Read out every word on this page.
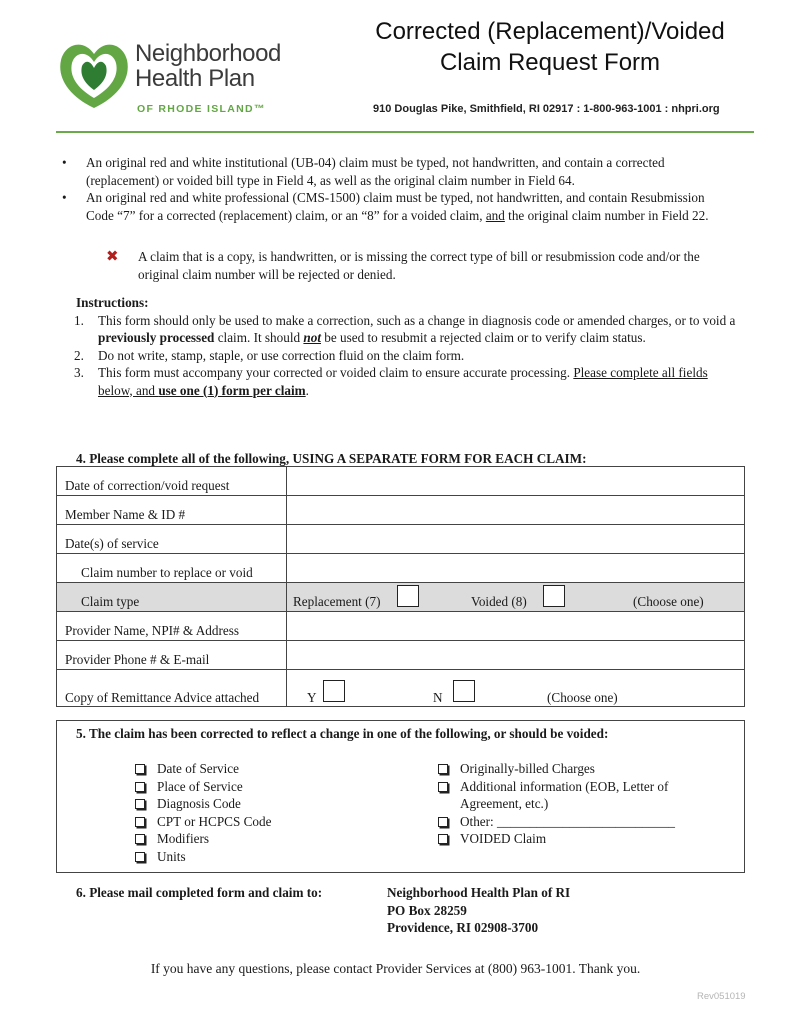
Neighborhood
Health Plan
OF RHODE ISLAND™
Corrected (Replacement)/Voided
Claim Request Form
910 Douglas Pike, Smithfield, RI 02917 : 1-800-963-1001 : nhpri.org
• An original red and white institutional (UB-04) claim must be typed, not handwritten, and contain a corrected (replacement) or voided bill type in Field 4, as well as the original claim number in Field 64.
• An original red and white professional (CMS-1500) claim must be typed, not handwritten, and contain Resubmission Code “7” for a corrected (replacement) claim, or an “8” for a voided claim, and the original claim number in Field 22.
✖ A claim that is a copy, is handwritten, or is missing the correct type of bill or resubmission code and/or the original claim number will be rejected or denied.
Instructions:
1. This form should only be used to make a correction, such as a change in diagnosis code or amended charges, or to void a previously processed claim. It should not be used to resubmit a rejected claim or to verify claim status.
2. Do not write, stamp, staple, or use correction fluid on the claim form.
3. This form must accompany your corrected or voided claim to ensure accurate processing. Please complete all fields below, and use one (1) form per claim.
4. Please complete all of the following, USING A SEPARATE FORM FOR EACH CLAIM:
Date of correction/void request
Member Name & ID #
Date(s) of service
Claim number to replace or void
Claim type	Replacement (7)	Voided (8)	(Choose one)
Provider Name, NPI# & Address
Provider Phone # & E-mail
Copy of Remittance Advice attached	Y	N	(Choose one)
5. The claim has been corrected to reflect a change in one of the following, or should be voided:
Date of Service
Place of Service
Diagnosis Code
CPT or HCPCS Code
Modifiers
Units
Originally-billed Charges
Additional information (EOB, Letter of Agreement, etc.)
Other: ___________________________
VOIDED Claim
6. Please mail completed form and claim to:	Neighborhood Health Plan of RI
PO Box 28259
Providence, RI 02908-3700
If you have any questions, please contact Provider Services at (800) 963-1001. Thank you.
Rev051019
